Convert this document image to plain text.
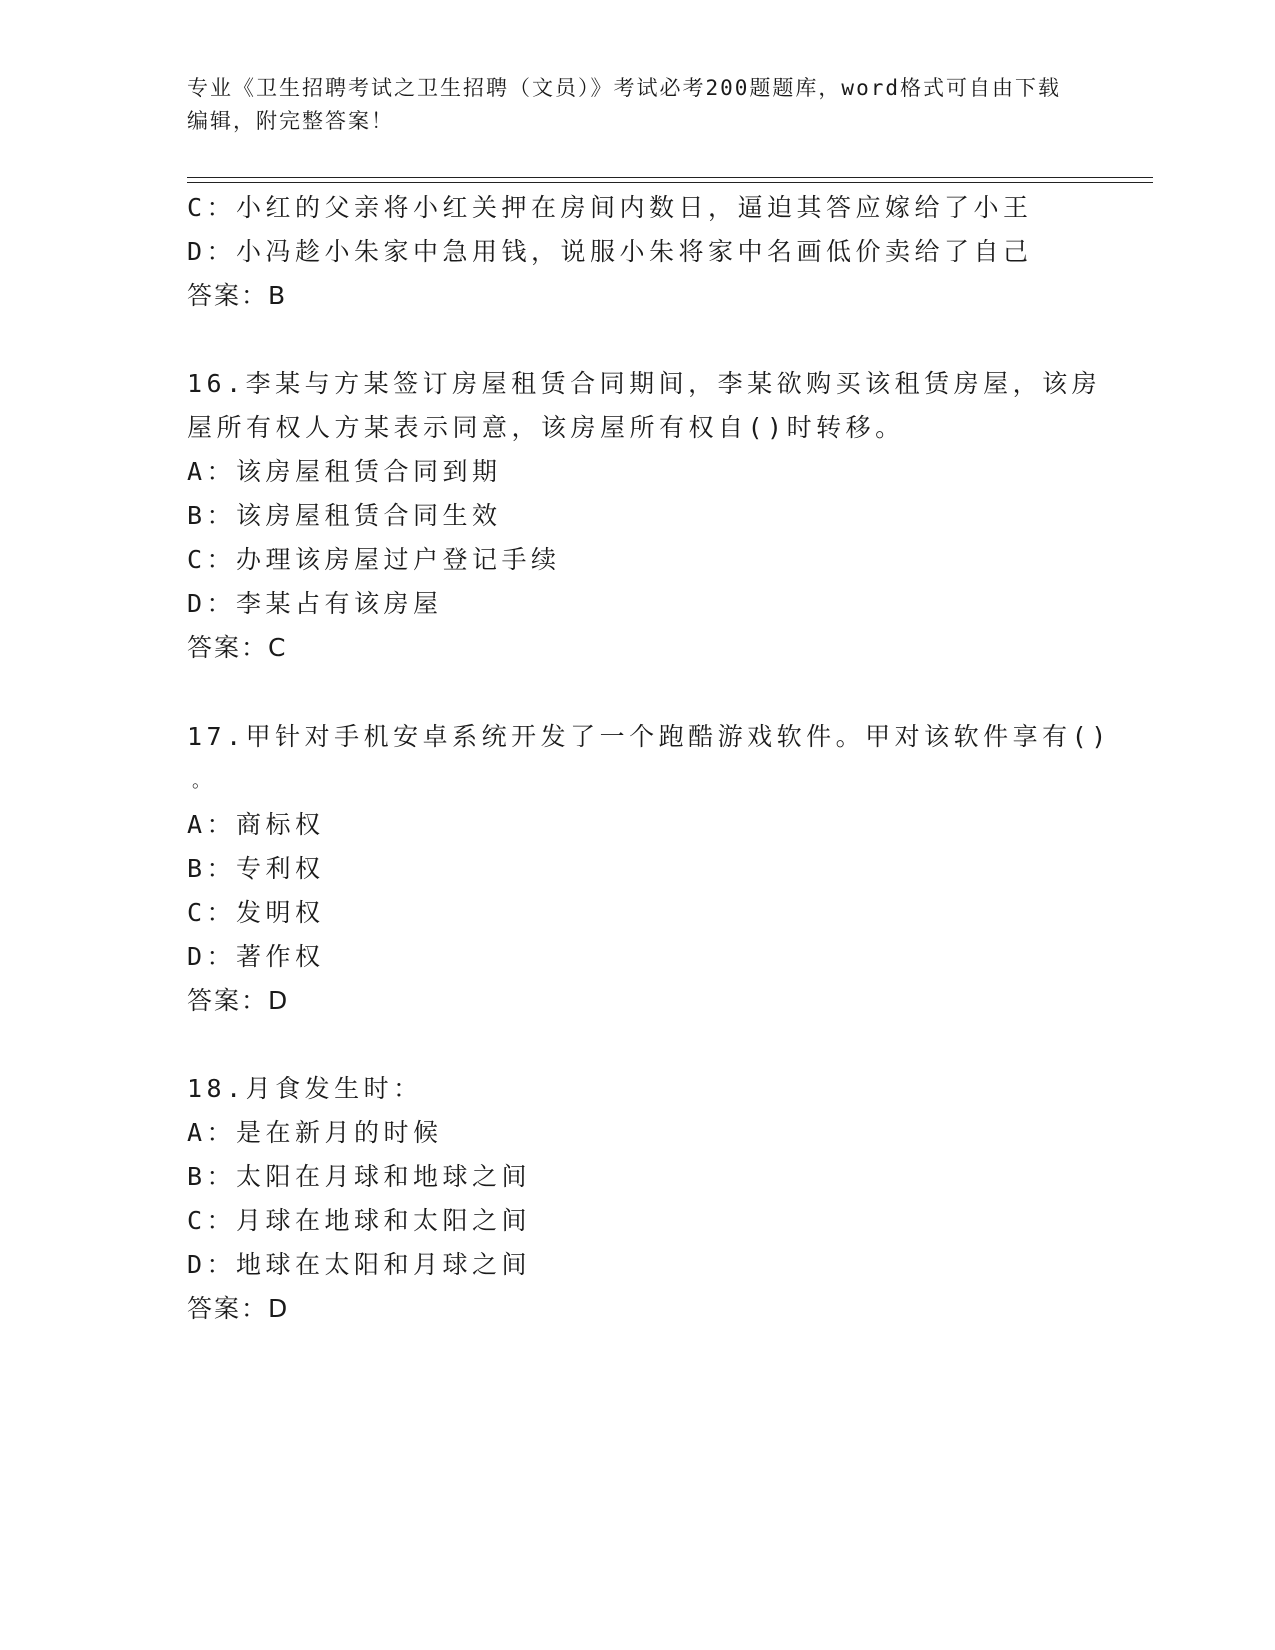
专业《卫生招聘考试之卫生招聘（文员）》考试必考200题题库，word格式可自由下载编辑，附完整答案！
C：小红的父亲将小红关押在房间内数日，逼迫其答应嫁给了小王
D：小冯趁小朱家中急用钱，说服小朱将家中名画低价卖给了自己
答案：B
16.李某与方某签订房屋租赁合同期间，李某欲购买该租赁房屋，该房
屋所有权人方某表示同意，该房屋所有权自()时转移。
A：该房屋租赁合同到期
B：该房屋租赁合同生效
C：办理该房屋过户登记手续
D：李某占有该房屋
答案：C
17.甲针对手机安卓系统开发了一个跑酷游戏软件。甲对该软件享有()
。
A：商标权
B：专利权
C：发明权
D：著作权
答案：D
18.月食发生时：
A：是在新月的时候
B：太阳在月球和地球之间
C：月球在地球和太阳之间
D：地球在太阳和月球之间
答案：D
